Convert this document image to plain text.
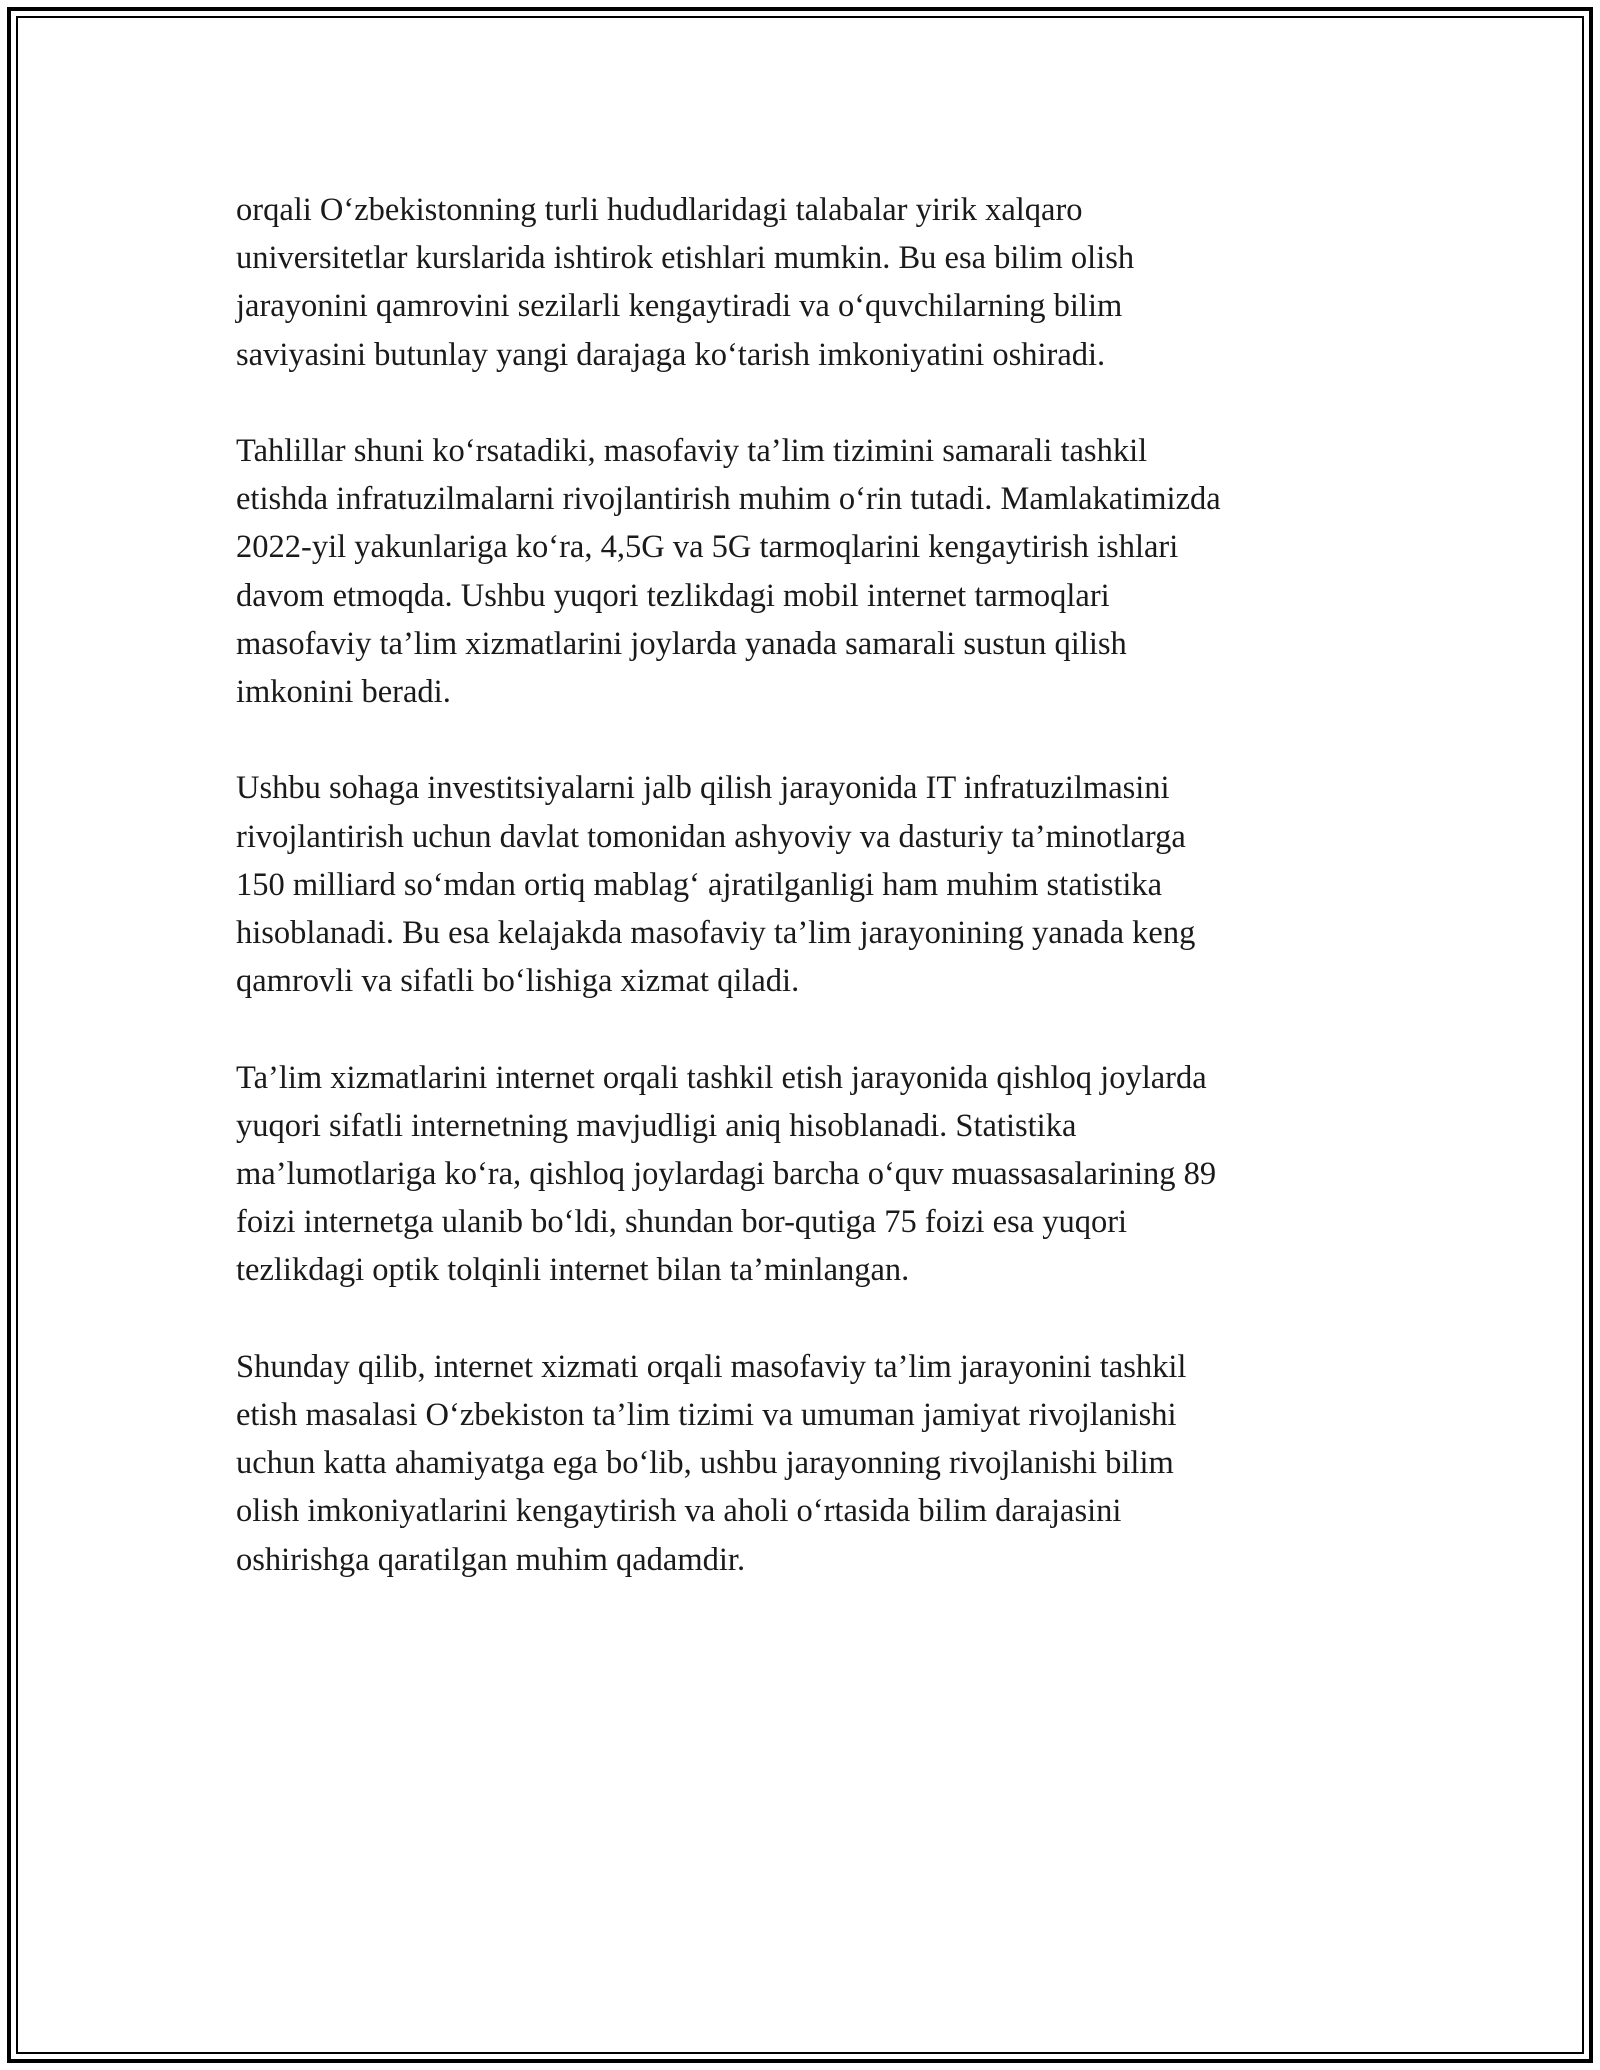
orqali O‘zbekistonning turli hududlaridagi talabalar yirik xalqaro
universitetlar kurslarida ishtirok etishlari mumkin. Bu esa bilim olish
jarayonini qamrovini sezilarli kengaytiradi va o‘quvchilarning bilim
saviyasini butunlay yangi darajaga ko‘tarish imkoniyatini oshiradi.

Tahlillar shuni ko‘rsatadiki, masofaviy ta’lim tizimini samarali tashkil
etishda infratuzilmalarni rivojlantirish muhim o‘rin tutadi. Mamlakatimizda
2022-yil yakunlariga ko‘ra, 4,5G va 5G tarmoqlarini kengaytirish ishlari
davom etmoqda. Ushbu yuqori tezlikdagi mobil internet tarmoqlari
masofaviy ta’lim xizmatlarini joylarda yanada samarali sustun qilish
imkonini beradi.

Ushbu sohaga investitsiyalarni jalb qilish jarayonida IT infratuzilmasini
rivojlantirish uchun davlat tomonidan ashyoviy va dasturiy ta’minotlarga
150 milliard so‘mdan ortiq mablag‘ ajratilganligi ham muhim statistika
hisoblanadi. Bu esa kelajakda masofaviy ta’lim jarayonining yanada keng
qamrovli va sifatli bo‘lishiga xizmat qiladi.

Ta’lim xizmatlarini internet orqali tashkil etish jarayonida qishloq joylarda
yuqori sifatli internetning mavjudligi aniq hisoblanadi. Statistika
ma’lumotlariga ko‘ra, qishloq joylardagi barcha o‘quv muassasalarining 89
foizi internetga ulanib bo‘ldi, shundan bor-qutiga 75 foizi esa yuqori
tezlikdagi optik tolqinli internet bilan ta’minlangan.

Shunday qilib, internet xizmati orqali masofaviy ta’lim jarayonini tashkil
etish masalasi O‘zbekiston ta’lim tizimi va umuman jamiyat rivojlanishi
uchun katta ahamiyatga ega bo‘lib, ushbu jarayonning rivojlanishi bilim
olish imkoniyatlarini kengaytirish va aholi o‘rtasida bilim darajasini
oshirishga qaratilgan muhim qadamdir.
